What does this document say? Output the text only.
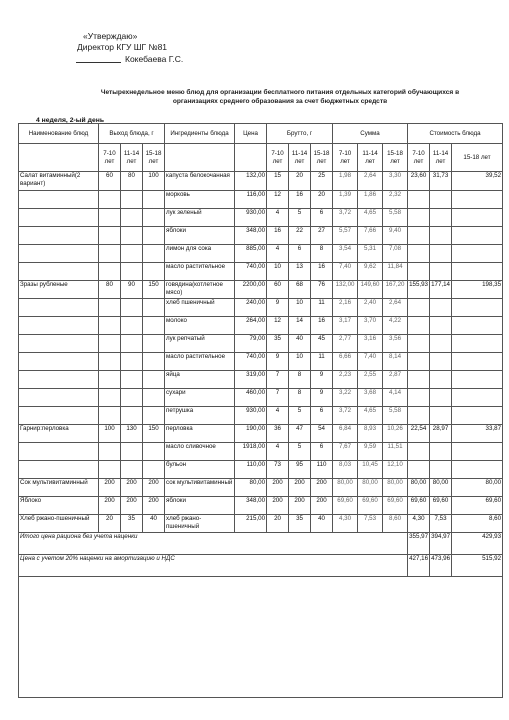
«Утверждаю»
Директор КГУ ШГ №81
Кокебаева Г.С.
Четырехнедельное меню блюд для организации бесплатного питания отдельных категорий обучающихся в организациях среднего образования за счет бюджетных средств
4 неделя, 2-ый день
Наименование блюд	Выход блюда, г			Ингредиенты блюда	Цена	Брутто, г			Сумма			Стоимость блюда		
	7-10 лет	11-14 лет	15-18 лет			7-10 лет	11-14 лет	15-18 лет	7-10 лет	11-14 лет	15-18 лет	7-10 лет	11-14 лет	15-18 лет
Салат витаминный(2 вариант)	60	80	100	капуста белокочанная	132,00	15	20	25	1,98	2,64	3,30	23,60	31,73	39,52
				морковь	116,00	12	16	20	1,39	1,86	2,32			
				лук зеленый	930,00	4	5	6	3,72	4,65	5,58			
				яблоки	348,00	16	22	27	5,57	7,66	9,40			
				лимон для сока	885,00	4	6	8	3,54	5,31	7,08			
				масло растительное	740,00	10	13	16	7,40	9,62	11,84			
Зразы рубленые	80	90	150	говядина(котлетное мясо)	2200,00	60	68	76	132,00	149,60	167,20	155,93	177,14	198,35
				хлеб пшеничный	240,00	9	10	11	2,16	2,40	2,64			
				молоко	264,00	12	14	16	3,17	3,70	4,22			
				лук репчатый	79,00	35	40	45	2,77	3,16	3,56			
				масло растительное	740,00	9	10	11	6,66	7,40	8,14			
				яйца	319,00	7	8	9	2,23	2,55	2,87			
				сухари	460,00	7	8	9	3,22	3,68	4,14			
				петрушка	930,00	4	5	6	3,72	4,65	5,58			
Гарнир:перловка	100	130	150	перловка	190,00	36	47	54	6,84	8,93	10,26	22,54	28,97	33,87
				масло сливочное	1918,00	4	5	6	7,67	9,59	11,51			
				бульон	110,00	73	95	110	8,03	10,45	12,10			
Сок мультивитаминный	200	200	200	сок мультивитаминный	80,00	200	200	200	80,00	80,00	80,00	80,00	80,00	80,00
Яблоко	200	200	200	яблоки	348,00	200	200	200	69,60	69,60	69,60	69,60	69,60	69,60
Хлеб ржано-пшеничный	20	35	40	хлеб ржано-пшеничный	215,00	20	35	40	4,30	7,53	8,60	4,30	7,53	8,60
Итого цена рациона без учета наценки												355,97	394,97	429,93
Цена с учетом 20% наценки на амортизацию и НДС												427,16	473,96	515,92
